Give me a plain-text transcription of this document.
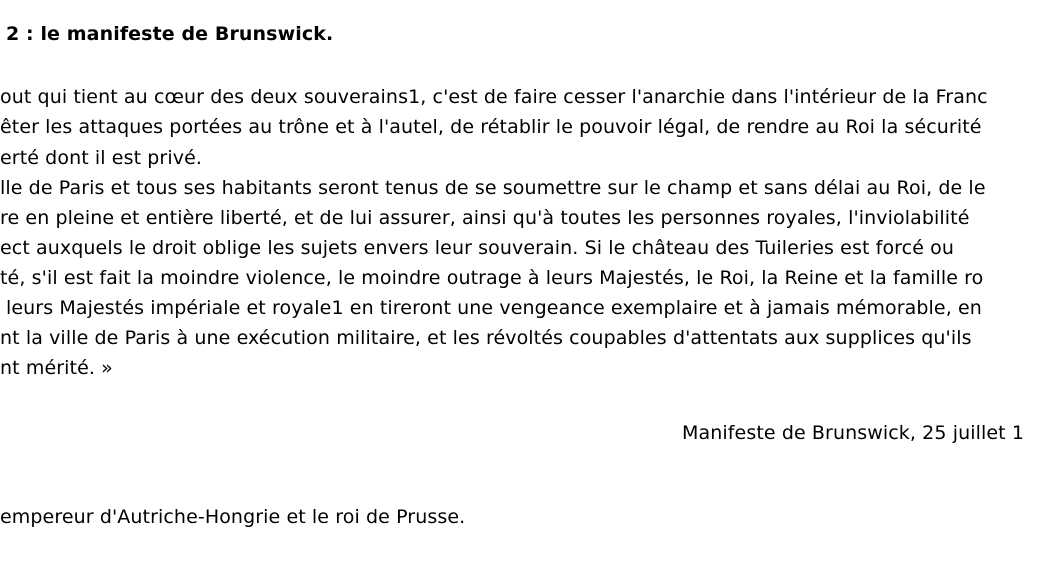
2 : le manifeste de Brunswick.
out qui tient au cœur des deux souverains1, c'est de faire cesser l'anarchie dans l'intérieur de la Franc
êter les attaques portées au trône et à l'autel, de rétablir le pouvoir légal, de rendre au Roi la sécurité
erté dont il est privé.
lle de Paris et tous ses habitants seront tenus de se soumettre sur le champ et sans délai au Roi, de le
re en pleine et entière liberté, et de lui assurer, ainsi qu'à toutes les personnes royales, l'inviolabilité
ect auxquels le droit oblige les sujets envers leur souverain. Si le château des Tuileries est forcé ou
té, s'il est fait la moindre violence, le moindre outrage à leurs Majestés, le Roi, la Reine et la famille ro
leurs Majestés impériale et royale1 en tireront une vengeance exemplaire et à jamais mémorable, en
nt la ville de Paris à une exécution militaire, et les révoltés coupables d'attentats aux supplices qu'ils
nt mérité. »
Manifeste de Brunswick, 25 juillet 1
empereur d'Autriche-Hongrie et le roi de Prusse.
